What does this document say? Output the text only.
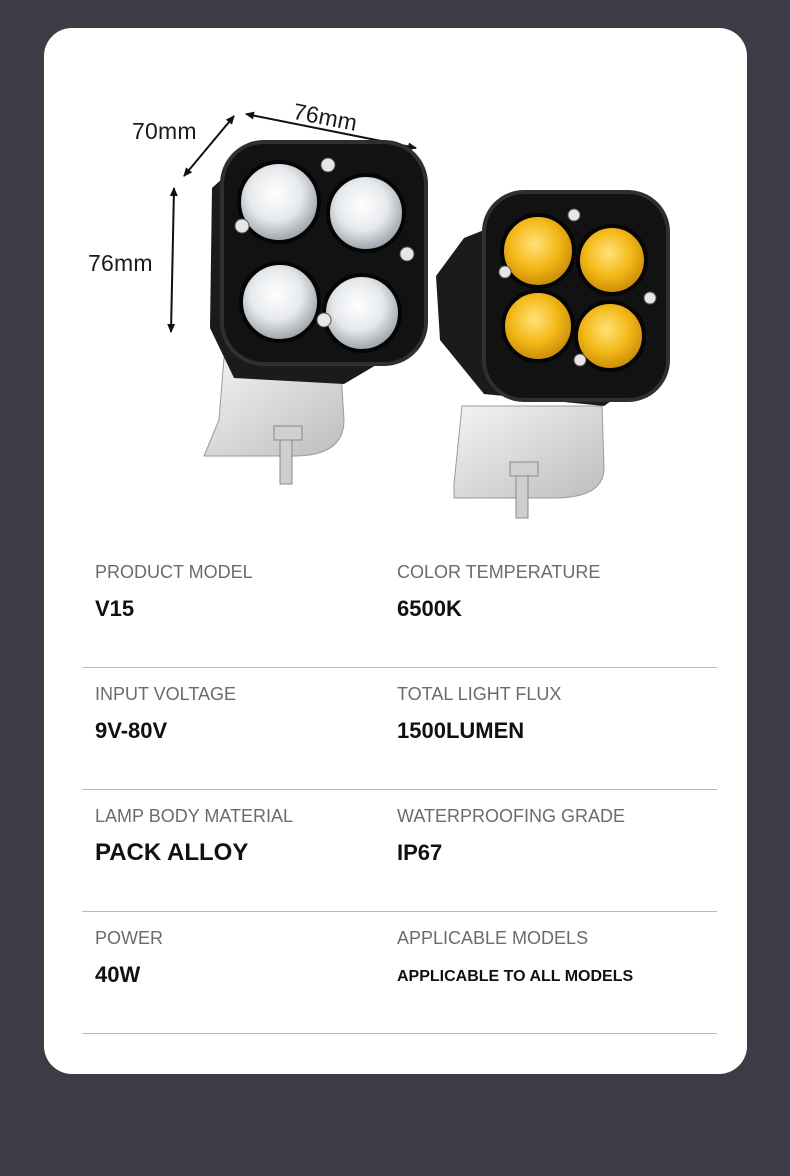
76mm
70mm
76mm
PRODUCT MODEL
V15
COLOR TEMPERATURE
6500K
INPUT VOLTAGE
9V-80V
TOTAL LIGHT FLUX
1500LUMEN
LAMP BODY MATERIAL
PACK ALLOY
WATERPROOFING GRADE
IP67
POWER
40W
APPLICABLE MODELS
APPLICABLE TO ALL MODELS
